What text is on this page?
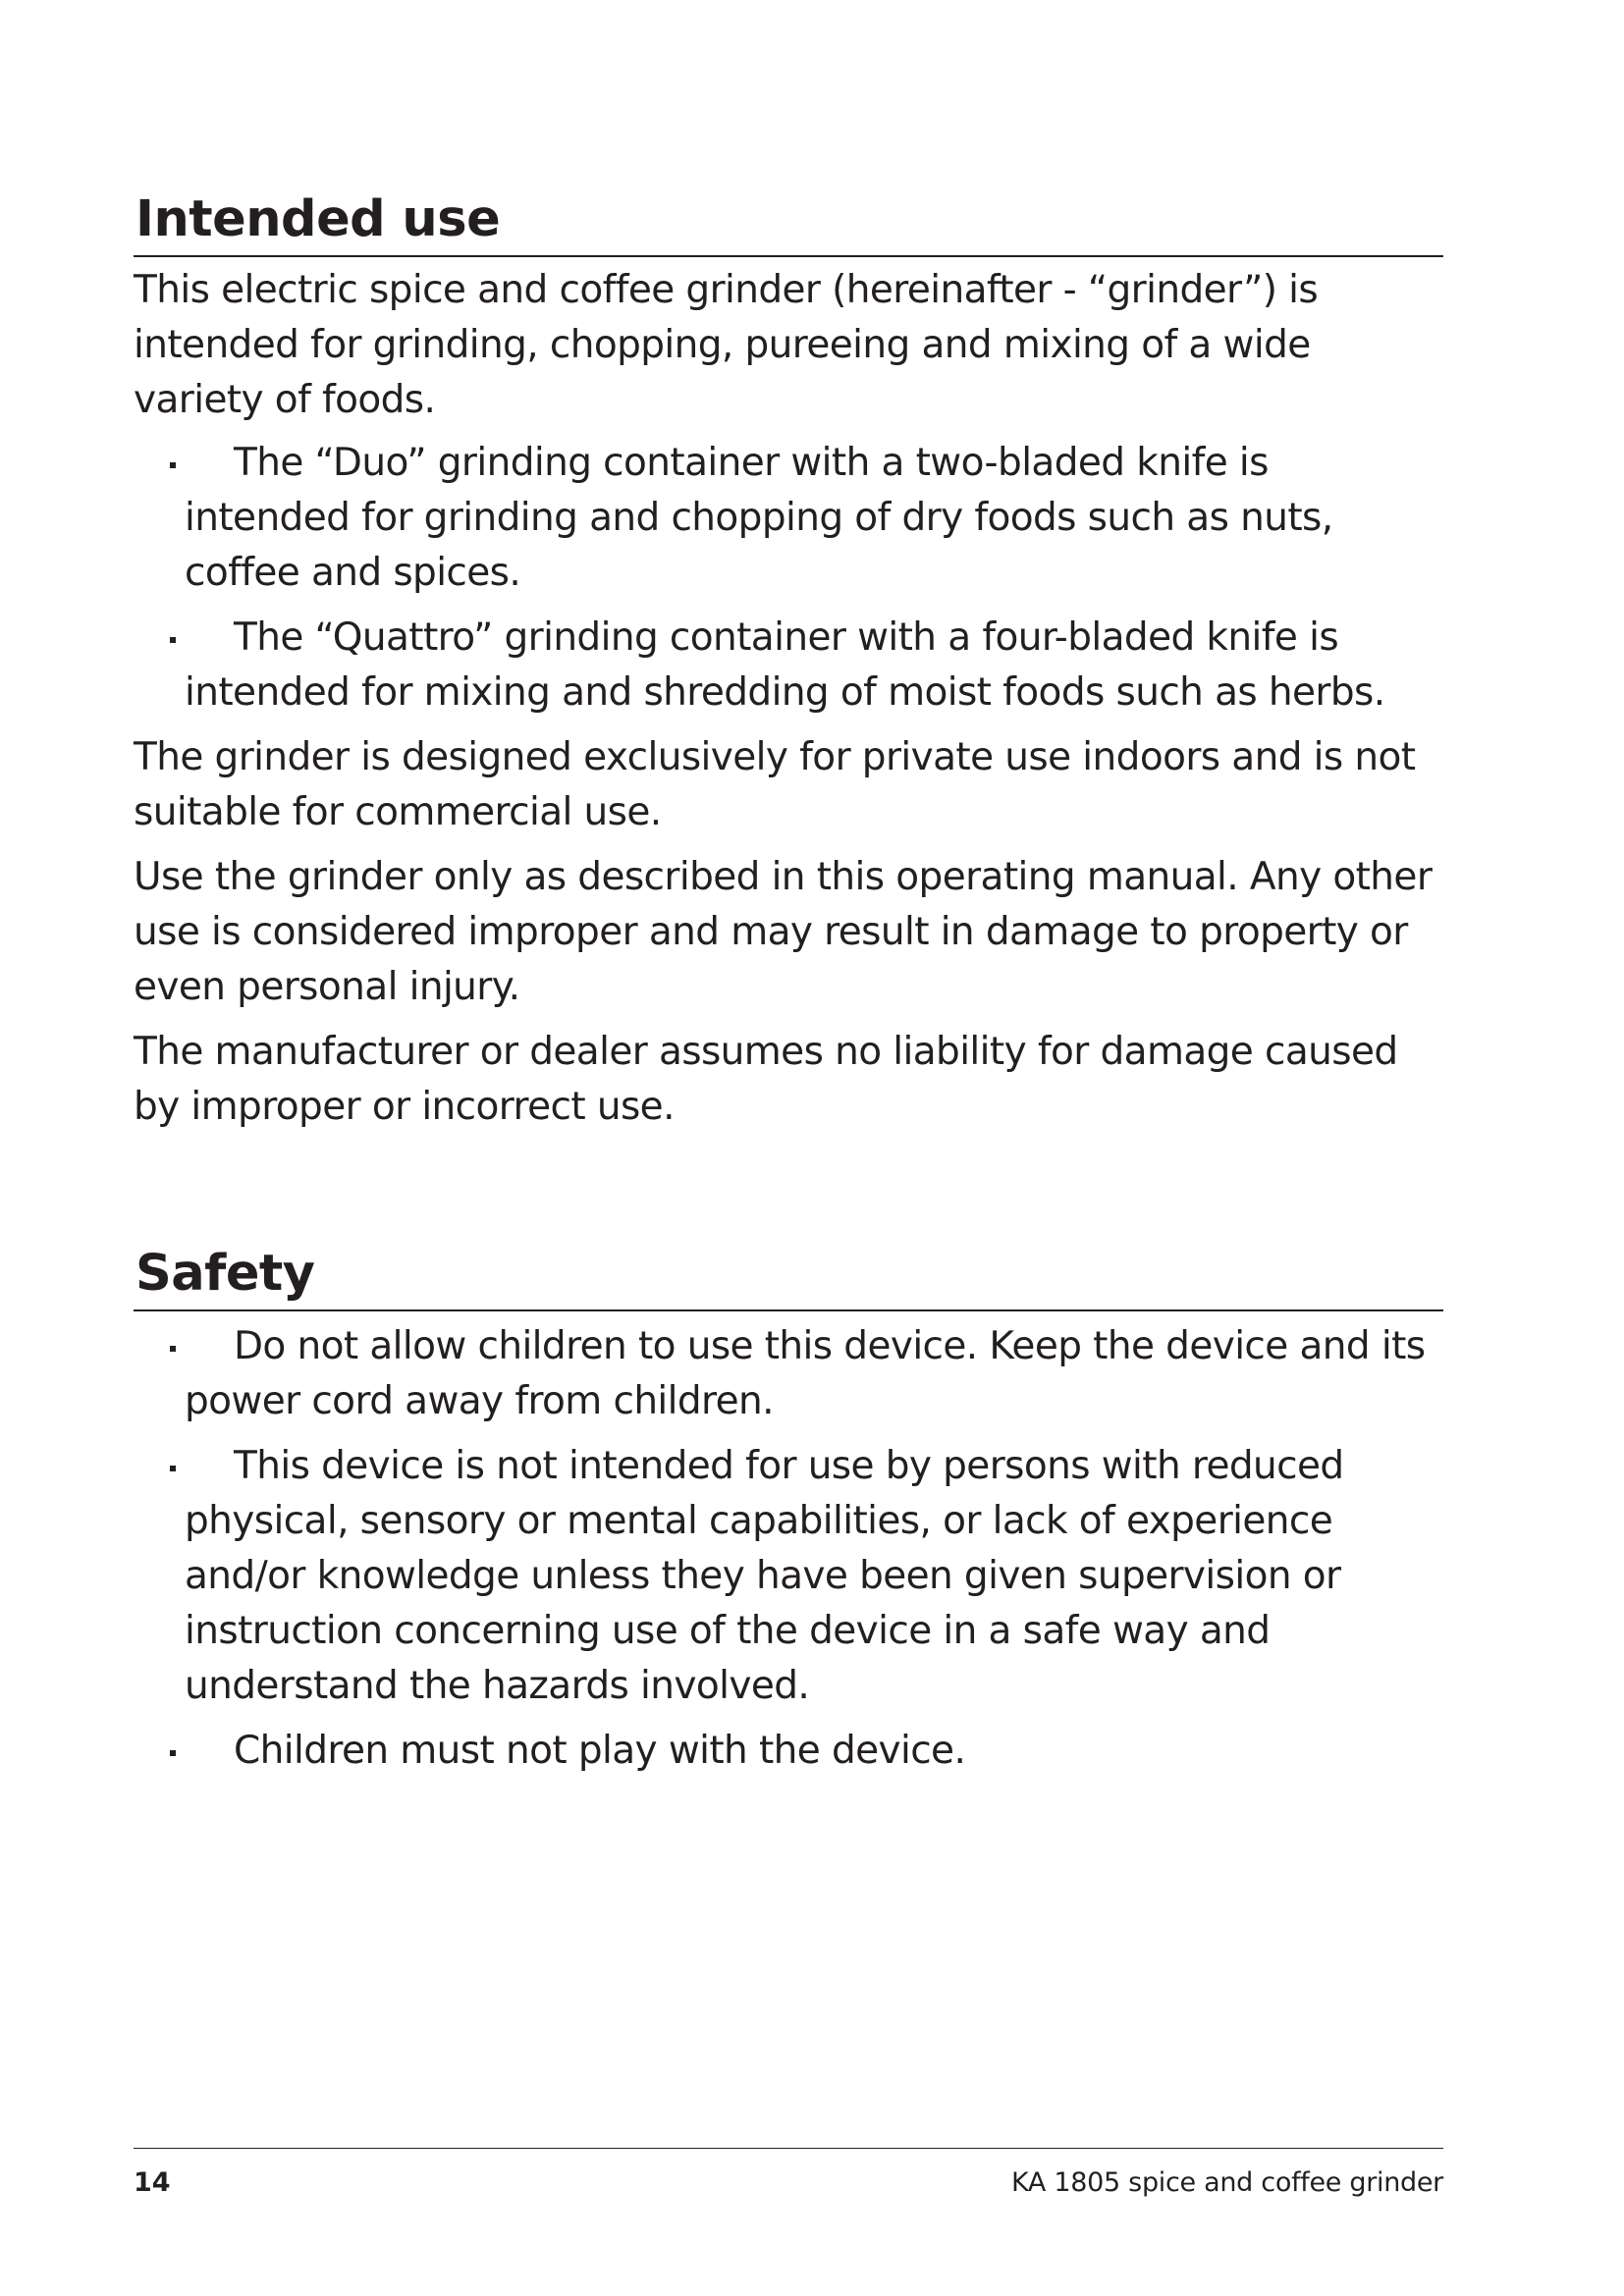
Intended use

This electric spice and coffee grinder (hereinafter - “grinder”) is intended for grinding, chopping, pureeing and mixing of a wide variety of foods.

The “Duo” grinding container with a two-bladed knife is intended for grinding and chopping of dry foods such as nuts, coffee and spices.
The “Quattro” grinding container with a four-bladed knife is intended for mixing and shredding of moist foods such as herbs.

The grinder is designed exclusively for private use indoors and is not suitable for commercial use.

Use the grinder only as described in this operating manual. Any other use is considered improper and may result in damage to property or even personal injury.

The manufacturer or dealer assumes no liability for damage caused by improper or incorrect use.

Safety
Do not allow children to use this device. Keep the device and its power cord away from children.
This device is not intended for use by persons with reduced physical, sensory or mental capabilities, or lack of experience and/or knowledge unless they have been given supervision or instruction concerning use of the device in a safe way and understand the hazards involved.
Children must not play with the device.
14	KA 1805 spice and coffee grinder
